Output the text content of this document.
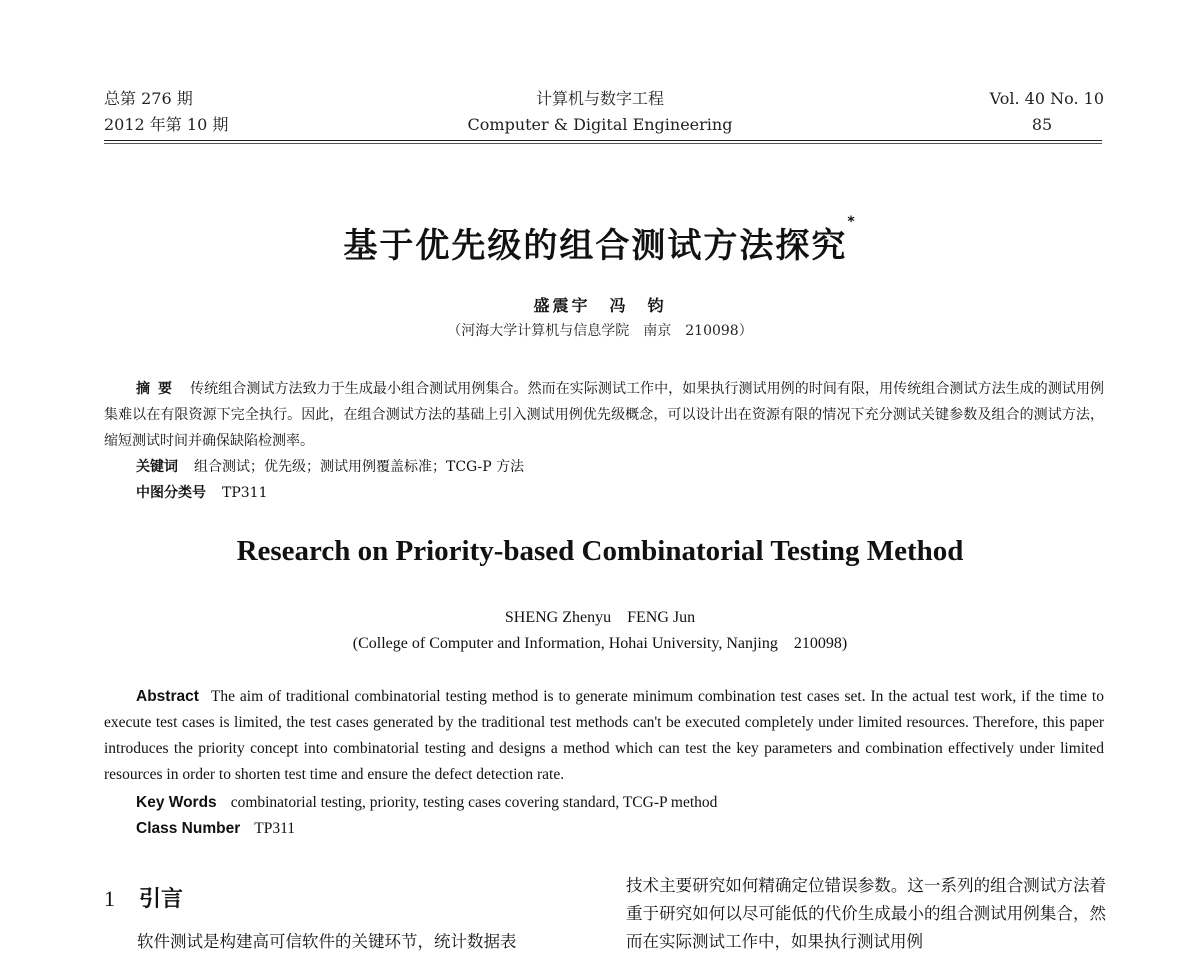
总第 276 期
2012 年第 10 期
计算机与数字工程
Computer & Digital Engineering
Vol. 40 No. 10
85
基于优先级的组合测试方法探究*
盛震宇　冯　钧
（河海大学计算机与信息学院　南京　210098）
摘要 传统组合测试方法致力于生成最小组合测试用例集合。然而在实际测试工作中，如果执行测试用例的时间有限，用传统组合测试方法生成的测试用例集难以在有限资源下完全执行。因此，在组合测试方法的基础上引入测试用例优先级概念，可以设计出在资源有限的情况下充分测试关键参数及组合的测试方法，缩短测试时间并确保缺陷检测率。
关键词 组合测试；优先级；测试用例覆盖标准；TCG-P 方法
中图分类号 TP311
Research on Priority-based Combinatorial Testing Method
SHENG Zhenyu　FENG Jun
(College of Computer and Information, Hohai University, Nanjing　210098)
Abstract The aim of traditional combinatorial testing method is to generate minimum combination test cases set. In the actual test work, if the time to execute test cases is limited, the test cases generated by the traditional test methods can't be executed completely under limited resources. Therefore, this paper introduces the priority concept into combinatorial testing and designs a method which can test the key parameters and combination effectively under limited resources in order to shorten test time and ensure the defect detection rate.
Key Words combinatorial testing, priority, testing cases covering standard, TCG-P method
Class Number TP311
1 引言
软件测试是构建高可信软件的关键环节，统计数据表
技术主要研究如何精确定位错误参数。这一系列的组合测试方法着重于研究如何以尽可能低的代价生成最小的组合测试用例集合，然而在实际测试工作中，如果执行测试用例
